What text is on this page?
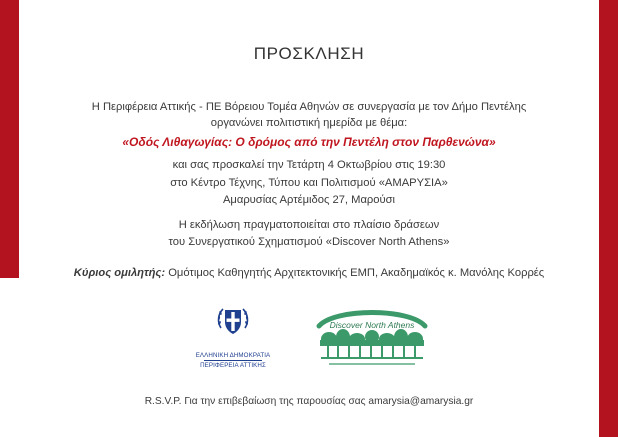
ΠΡΟΣΚΛΗΣΗ
Η Περιφέρεια Αττικής - ΠΕ Βόρειου Τομέα Αθηνών σε συνεργασία με τον Δήμο Πεντέλης
οργανώνει πολιτιστική ημερίδα με θέμα:
«Οδός Λιθαγωγίας: Ο δρόμος από την Πεντέλη στον Παρθενώνα»
και σας προσκαλεί την Τετάρτη 4 Οκτωβρίου στις 19:30
στο Κέντρο Τέχνης, Τύπου και Πολιτισμού «ΑΜΑΡΥΣΙΑ»
Αμαρυσίας Αρτέμιδος 27, Μαρούσι
Η εκδήλωση πραγματοποιείται στο πλαίσιο δράσεων
του Συνεργατικού Σχηματισμού «Discover North Athens»
Κύριος ομιλητής: Ομότιμος Καθηγητής Αρχιτεκτονικής ΕΜΠ, Ακαδημαϊκός κ. Μανόλης Κορρές
ΕΛΛΗΝΙΚΗ ΔΗΜΟΚΡΑΤΙΑ
ΠΕΡΙΦΕΡΕΙΑ ΑΤΤΙΚΗΣ
Discover North Athens
R.S.V.P. Για την επιβεβαίωση της παρουσίας σας amarysia@amarysia.gr
